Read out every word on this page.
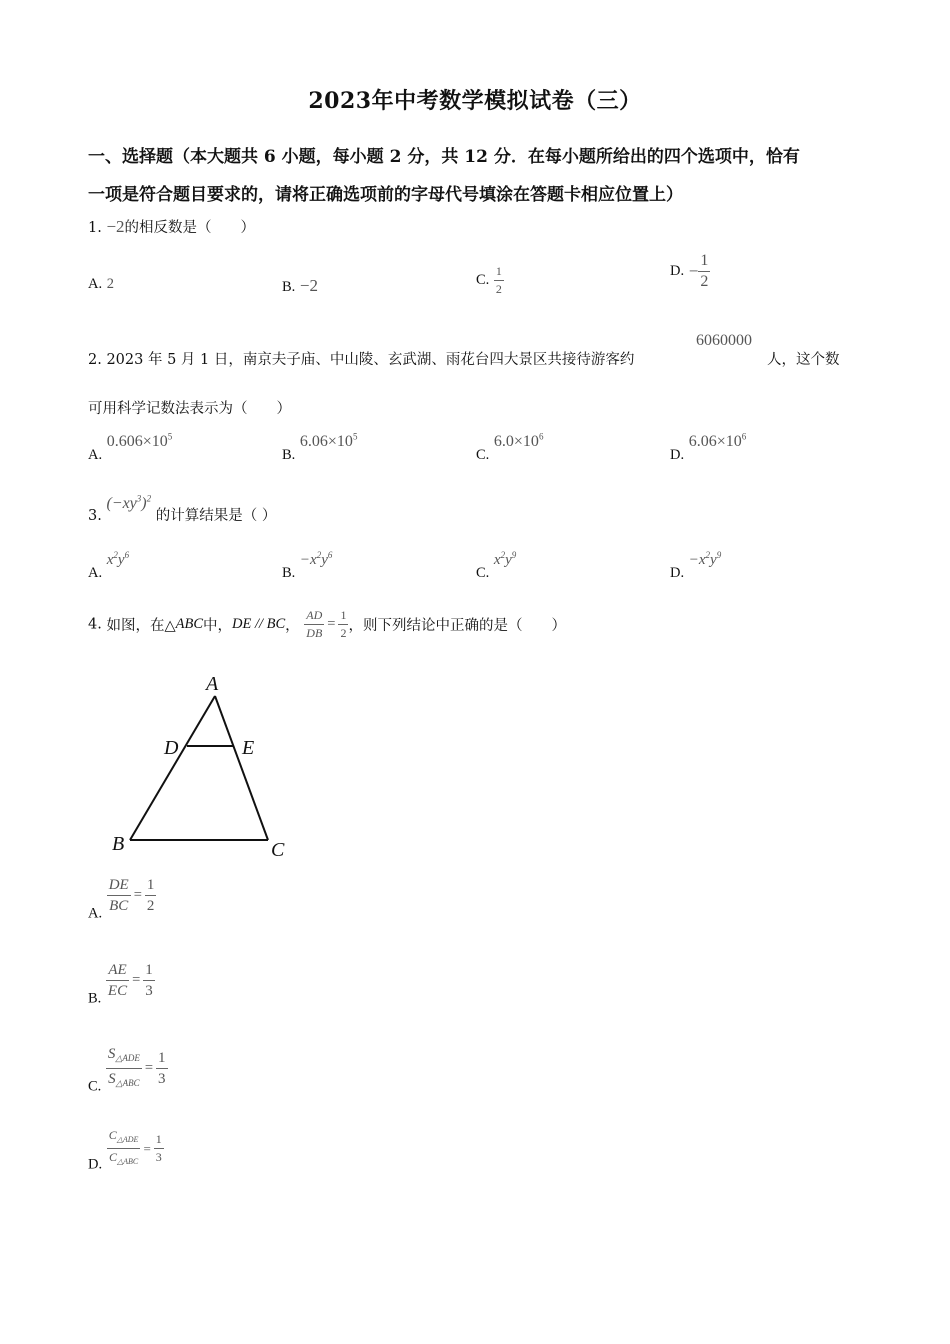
2023年中考数学模拟试卷（三）
一、选择题（本大题共 6 小题，每小题 2 分，共 12 分．在每小题所给出的四个选项中，恰有
一项是符合题目要求的，请将正确选项前的字母代号填涂在答题卡相应位置上）
1. −2的相反数是（　　）
A. 2	B. −2	C. $\frac{1}{2}$	D. − $\frac{1}{2}$
2. 2023 年 5 月 1 日，南京夫子庙、中山陵、玄武湖、雨花台四大景区共接待游客约
6060000
人，这个数
可用科学记数法表示为（　　）
A. $0.606\times 10^5$
B. $6.06\times 10^5$
C. $6.0\times 10^6$
D. $6.06\times 10^6$
3. $(-xy^3)^2$ 的计算结果是（ ）
A. $x^2y^6$
B. $-x^2y^6$
C. $x^2y^9$
D. $-x^2y^9$
4. 如图，在△ABC中，DE // BC， $\frac{AD}{DB} = \frac{1}{2}$ ，则下列结论中正确的是（　　）
A
D	E
B	C
A. $\frac{DE}{BC} = \frac{1}{2}$
B. $\frac{AE}{EC} = \frac{1}{3}$
C. $\frac{S_{\triangle ADE}}{S_{\triangle ABC}} = \frac{1}{3}$
D. $\frac{C_{\triangle ADE}}{C_{\triangle ABC}} = \frac{1}{3}$
